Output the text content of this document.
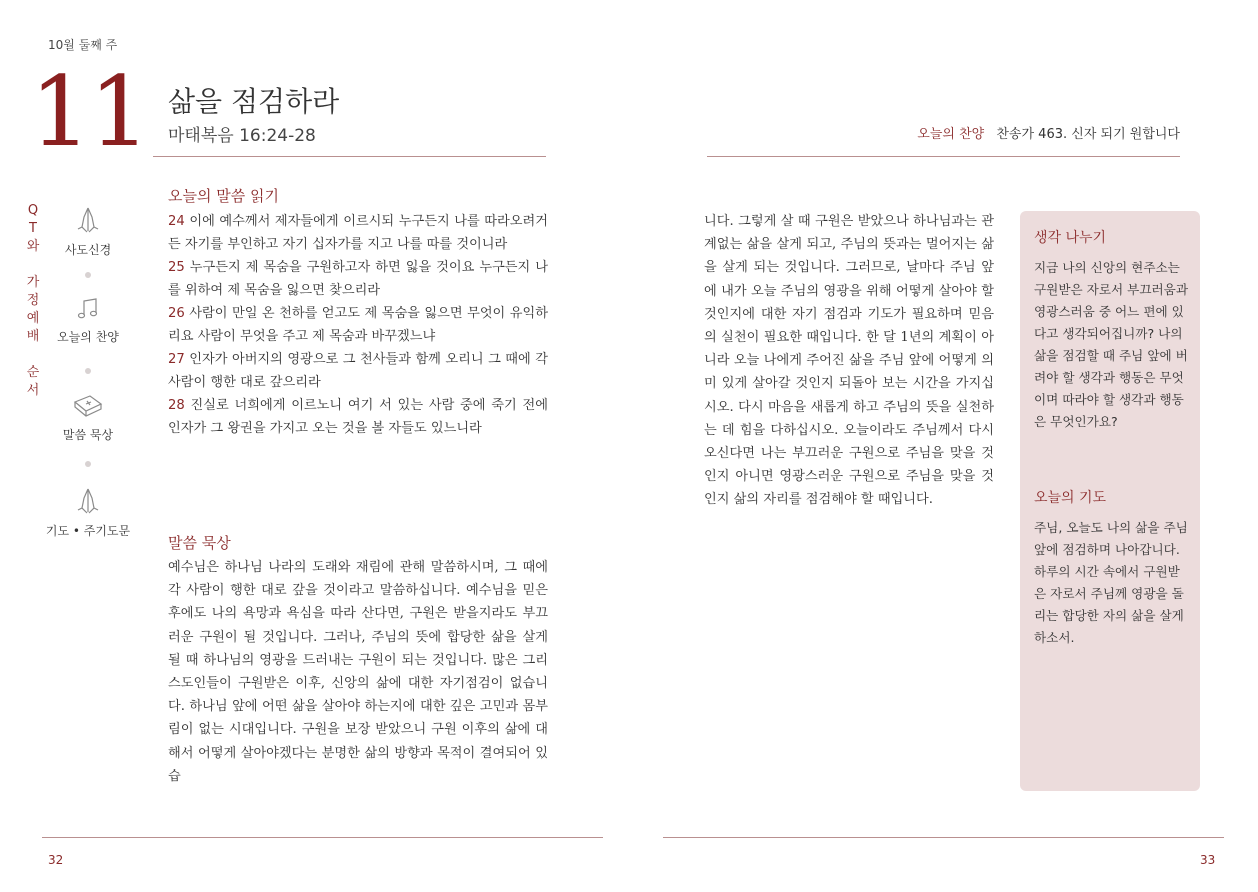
10월 둘째 주
11 삶을 점검하라
마태복음 16:24-28	오늘의 찬양 찬송가 463. 신자 되기 원합니다
Q
T
와

가
정
예
배

순
서
사도신경
오늘의 찬양
말씀 묵상
기도 • 주기도문
오늘의 말씀 읽기

24 이에 예수께서 제자들에게 이르시되 누구든지 나를 따라오려거든 자기를 부인하고 자기 십자가를 지고 나를 따를 것이니라

25 누구든지 제 목숨을 구원하고자 하면 잃을 것이요 누구든지 나를 위하여 제 목숨을 잃으면 찾으리라

26 사람이 만일 온 천하를 얻고도 제 목숨을 잃으면 무엇이 유익하리요 사람이 무엇을 주고 제 목숨과 바꾸겠느냐

27 인자가 아버지의 영광으로 그 천사들과 함께 오리니 그 때에 각 사람이 행한 대로 갚으리라

28 진실로 너희에게 이르노니 여기 서 있는 사람 중에 죽기 전에 인자가 그 왕권을 가지고 오는 것을 볼 자들도 있느니라

말씀 묵상

예수님은 하나님 나라의 도래와 재림에 관해 말씀하시며, 그 때에 각 사람이 행한 대로 갚을 것이라고 말씀하십니다. 예수님을 믿은 후에도 나의 욕망과 욕심을 따라 산다면, 구원은 받을지라도 부끄러운 구원이 될 것입니다. 그러나, 주님의 뜻에 합당한 삶을 살게 될 때 하나님의 영광을 드러내는 구원이 되는 것입니다. 많은 그리스도인들이 구원받은 이후, 신앙의 삶에 대한 자기점검이 없습니다. 하나님 앞에 어떤 삶을 살아야 하는지에 대한 깊은 고민과 몸부림이 없는 시대입니다. 구원을 보장 받았으니 구원 이후의 삶에 대해서 어떻게 살아야겠다는 분명한 삶의 방향과 목적이 결여되어 있습

니다. 그렇게 살 때 구원은 받았으나 하나님과는 관계없는 삶을 살게 되고, 주님의 뜻과는 멀어지는 삶을 살게 되는 것입니다. 그러므로, 날마다 주님 앞에 내가 오늘 주님의 영광을 위해 어떻게 살아야 할 것인지에 대한 자기 점검과 기도가 필요하며 믿음의 실천이 필요한 때입니다. 한 달 1년의 계획이 아니라 오늘 나에게 주어진 삶을 주님 앞에 어떻게 의미 있게 살아갈 것인지 되돌아 보는 시간을 가지십시오. 다시 마음을 새롭게 하고 주님의 뜻을 실천하는 데 힘을 다하십시오. 오늘이라도 주님께서 다시 오신다면 나는 부끄러운 구원으로 주님을 맞을 것인지 아니면 영광스러운 구원으로 주님을 맞을 것인지 삶의 자리를 점검해야 할 때입니다.

생각 나누기
지금 나의 신앙의 현주소는 구원받은 자로서 부끄러움과 영광스러움 중 어느 편에 있다고 생각되어집니까? 나의 삶을 점검할 때 주님 앞에 버려야 할 생각과 행동은 무엇이며 따라야 할 생각과 행동은 무엇인가요?
오늘의 기도
주님, 오늘도 나의 삶을 주님 앞에 점검하며 나아갑니다. 하루의 시간 속에서 구원받은 자로서 주님께 영광을 돌리는 합당한 자의 삶을 살게 하소서.
32	33
